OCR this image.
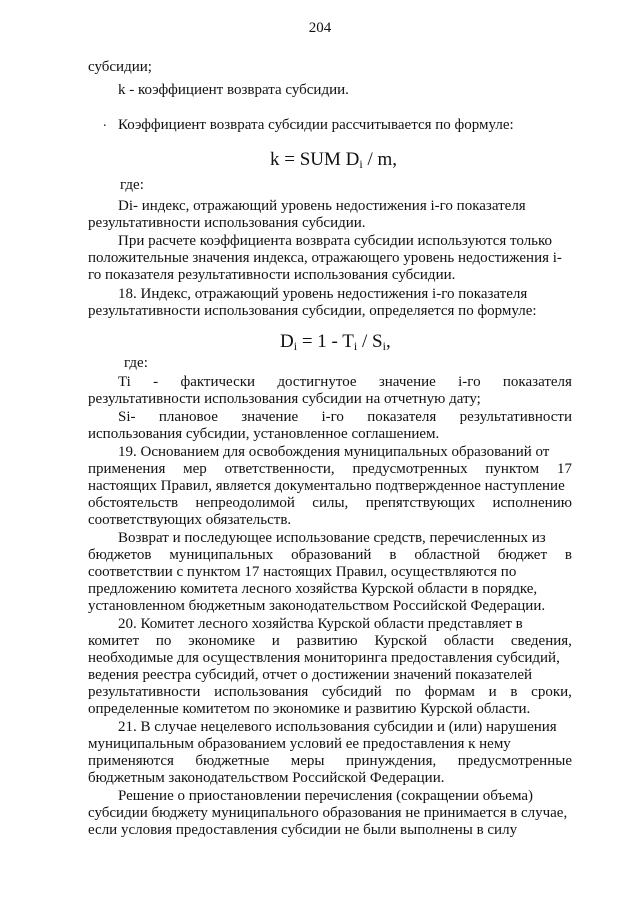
204
.
k = SUM $D_i$ / m,
$D_i = 1 - T_i / S_i$,
субсидии;
k - коэффициент возврата субсидии.
Коэффициент возврата субсидии рассчитывается по формуле:
где:
Di- индекс, отражающий уровень недостижения i-го показателя
результативности использования субсидии.
При расчете коэффициента возврата субсидии используются только
положительные значения индекса, отражающего уровень недостижения i-
го показателя результативности использования субсидии.
18. Индекс, отражающий уровень недостижения i-го показателя
результативности использования субсидии, определяется по формуле:
где:
Ti - фактически достигнутое значение i-го показателя
результативности использования субсидии на отчетную дату;
Si- плановое значение i-го показателя результативности
использования субсидии, установленное соглашением.
19. Основанием для освобождения муниципальных образований от
применения мер ответственности, предусмотренных пунктом 17
настоящих Правил, является документально подтвержденное наступление
обстоятельств непреодолимой силы, препятствующих исполнению
соответствующих обязательств.
Возврат и последующее использование средств, перечисленных из
бюджетов муниципальных образований в областной бюджет в
соответствии с пунктом 17 настоящих Правил, осуществляются по
предложению комитета лесного хозяйства Курской области в порядке,
установленном бюджетным законодательством Российской Федерации.
20. Комитет лесного хозяйства Курской области представляет в
комитет по экономике и развитию Курской области сведения,
необходимые для осуществления мониторинга предоставления субсидий,
ведения реестра субсидий, отчет о достижении значений показателей
результативности использования субсидий по формам и в сроки,
определенные комитетом по экономике и развитию Курской области.
21. В случае нецелевого использования субсидии и (или) нарушения
муниципальным образованием условий ее предоставления к нему
применяются бюджетные меры принуждения, предусмотренные
бюджетным законодательством Российской Федерации.
Решение о приостановлении перечисления (сокращении объема)
субсидии бюджету муниципального образования не принимается в случае,
если условия предоставления субсидии не были выполнены в силу
